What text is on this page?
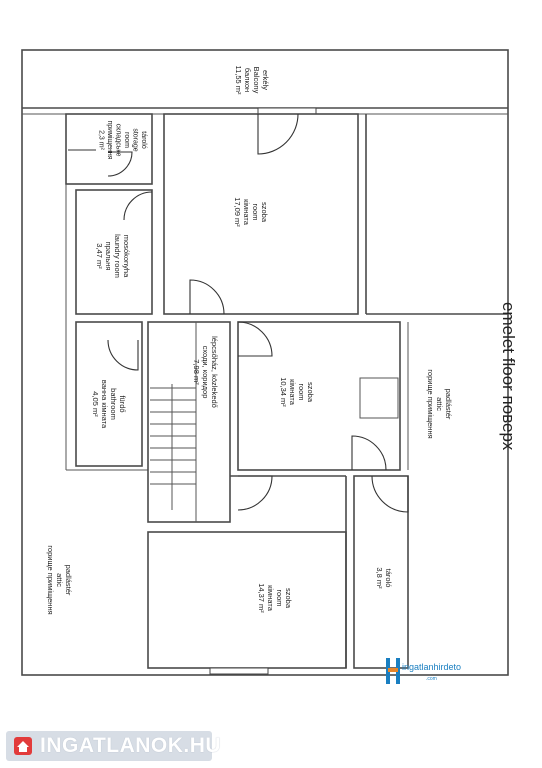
emelet floor поверх
erkély
Balcony
балкон
11,55 m²
tároló
storage
room
складське
приміщення
2,3 m²
mosókonyha
laundry room
пральня
3,47 m²
szoba
room
кімната
17,09 m²
fürdő
bathroom
ванна кімната
4,05 m²	lépcsőház, közlekedő
сходи, коридор
7,98 m²
szoba
room
кімната
10,34 m²	padlástér
attic
горище приміщення
padlástér
attic
горище приміщення	szoba
room
кімната
14,37 m²
tároló
3,8 m²
ingatlanhirdeto
.com
INGATLANOK.HU
